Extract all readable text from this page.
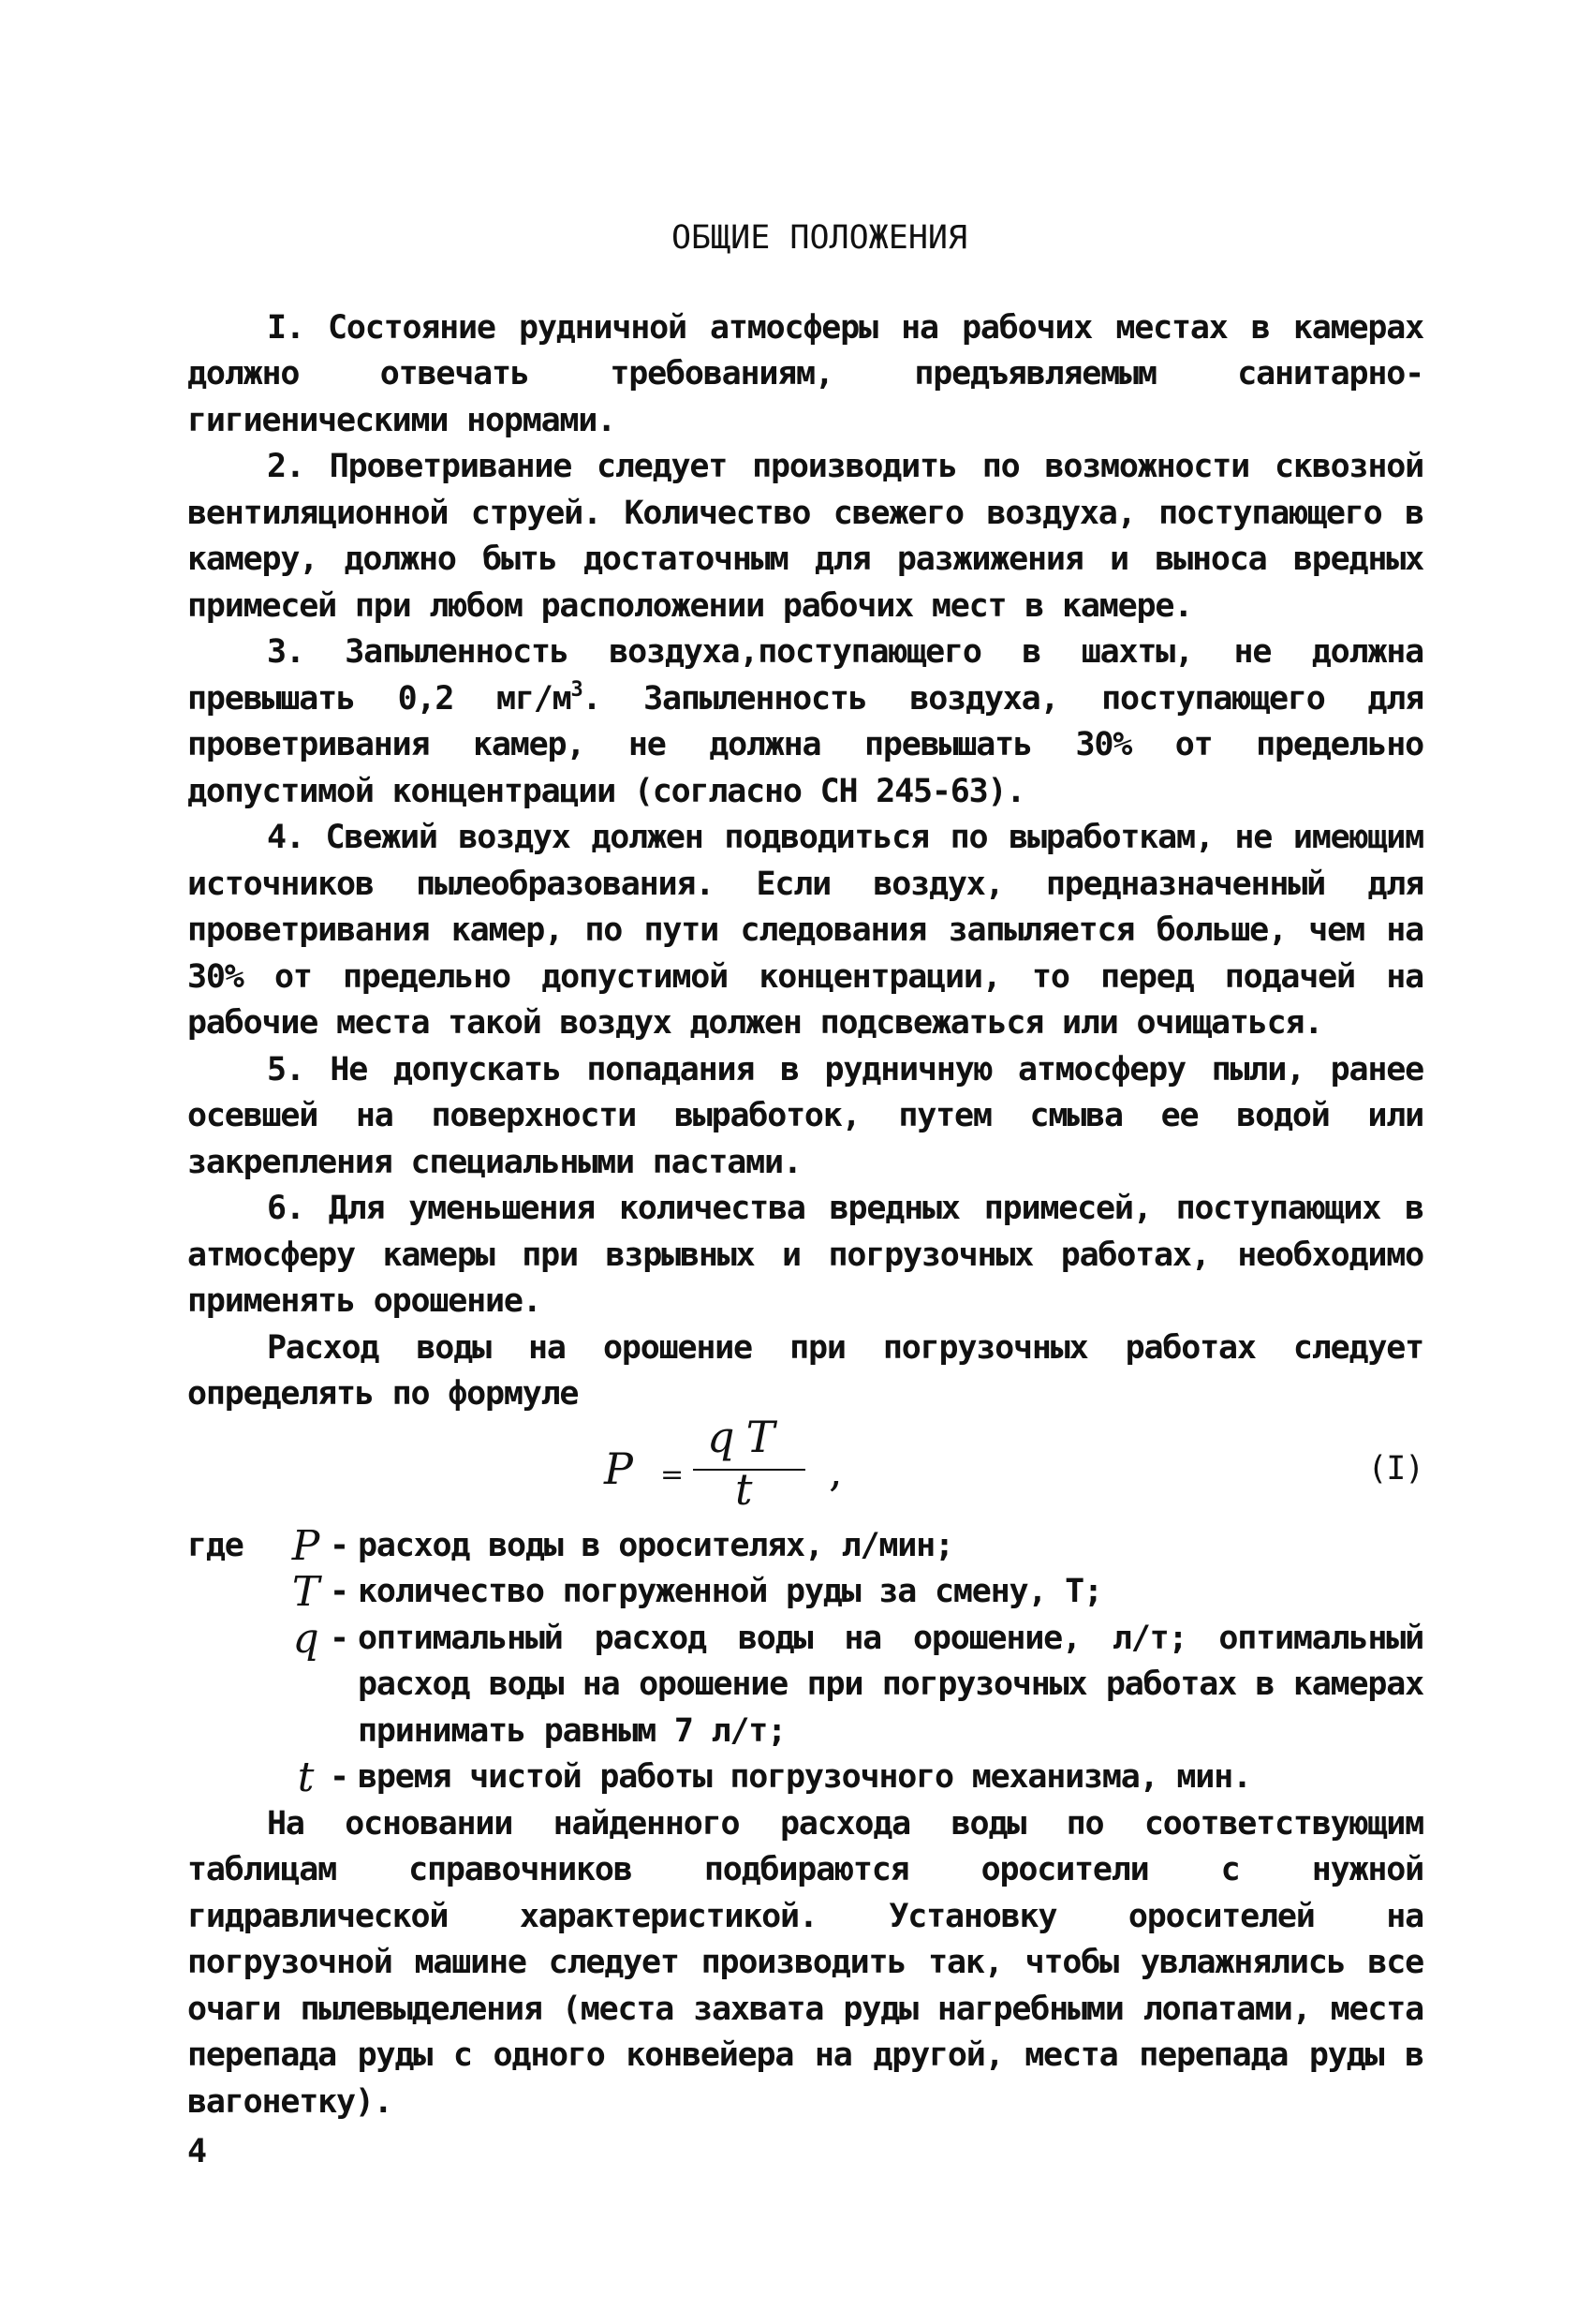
ОБЩИЕ ПОЛОЖЕНИЯ

I. Состояние рудничной атмосферы на рабочих местах в камерах должно отвечать требованиям, предъявляемым санитарно-гигиеническими нормами.

2. Проветривание следует производить по возможности сквозной вентиляционной струей. Количество свежего воздуха, поступающего в камеру, должно быть достаточным для разжижения и выноса вредных примесей при любом расположении рабочих мест в камере.

3. Запыленность воздуха,поступающего в шахты, не должна превышать 0,2 $мг/м^3$. Запыленность воздуха, поступающего для проветривания камер, не должна превышать 30% от предельно допустимой концентрации (согласно СН 245-63).

4. Свежий воздух должен подводиться по выработкам, не имеющим источников пылеобразования. Если воздух, предназначенный для проветривания камер, по пути следования запыляется больше, чем на 30% от предельно допустимой концентрации, то перед подачей на рабочие места такой воздух должен подсвежаться или очищаться.

5. Не допускать попадания в рудничную атмосферу пыли, ранее осевшей на поверхности выработок, путем смыва ее водой или закрепления специальными пастами.

6. Для уменьшения количества вредных примесей, поступающих в атмосферу камеры при взрывных и погрузочных работах, необходимо применять орошение.

Расход воды на орошение при погрузочных работах следует определять по формуле

P =
q T
t ,	(I)
где	P - расход воды в оросителях, л/мин;
T - количество погруженной руды за смену, Т;
q - оптимальный расход воды на орошение, л/т; оптимальный расход воды на орошение при погрузочных работах в камерах принимать равным 7 л/т;
t - время чистой работы погрузочного механизма, мин.

На основании найденного расхода воды по соответствующим таблицам справочников подбираются оросители с нужной гидравлической характеристикой. Установку оросителей на погрузочной машине следует производить так, чтобы увлажнялись все очаги пылевыделения (места захвата руды нагребными лопатами, места перепада руды с одного конвейера на другой, места перепада руды в вагонетку).

4
